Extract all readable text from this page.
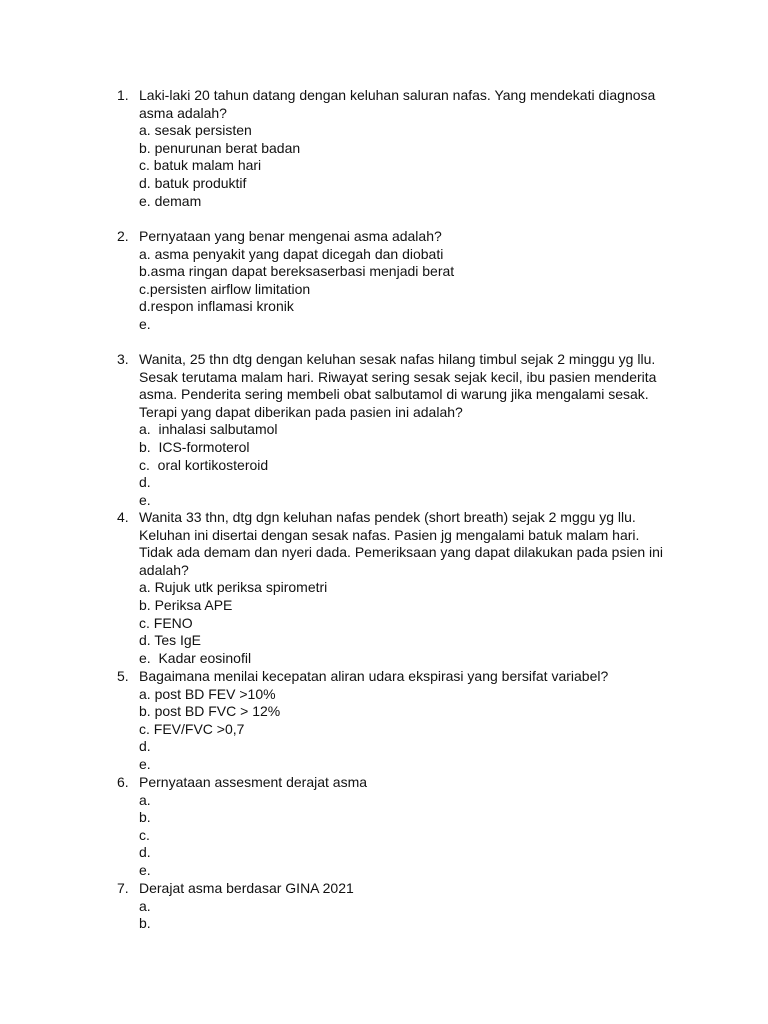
1. Laki-laki 20 tahun datang dengan keluhan saluran nafas. Yang mendekati diagnosa
asma adalah?
a. sesak persisten
b. penurunan berat badan
c. batuk malam hari
d. batuk produktif
e. demam
2. Pernyataan yang benar mengenai asma adalah?
a. asma penyakit yang dapat dicegah dan diobati
b.asma ringan dapat bereksaserbasi menjadi berat
c.persisten airflow limitation
d.respon inflamasi kronik
e.
3. Wanita, 25 thn dtg dengan keluhan sesak nafas hilang timbul sejak 2 minggu yg llu.
Sesak terutama malam hari. Riwayat sering sesak sejak kecil, ibu pasien menderita
asma. Penderita sering membeli obat salbutamol di warung jika mengalami sesak.
Terapi yang dapat diberikan pada pasien ini adalah?
a.  inhalasi salbutamol
b.  ICS-formoterol
c.  oral kortikosteroid
d.
e.
4. Wanita 33 thn, dtg dgn keluhan nafas pendek (short breath) sejak 2 mggu yg llu.
Keluhan ini disertai dengan sesak nafas. Pasien jg mengalami batuk malam hari.
Tidak ada demam dan nyeri dada. Pemeriksaan yang dapat dilakukan pada psien ini
adalah?
a. Rujuk utk periksa spirometri
b. Periksa APE
c. FENO
d. Tes IgE
e.  Kadar eosinofil
5. Bagaimana menilai kecepatan aliran udara ekspirasi yang bersifat variabel?
a. post BD FEV >10%
b. post BD FVC > 12%
c. FEV/FVC >0,7
d.
e.
6. Pernyataan assesment derajat asma
a.
b.
c.
d.
e.
7. Derajat asma berdasar GINA 2021
a.
b.
